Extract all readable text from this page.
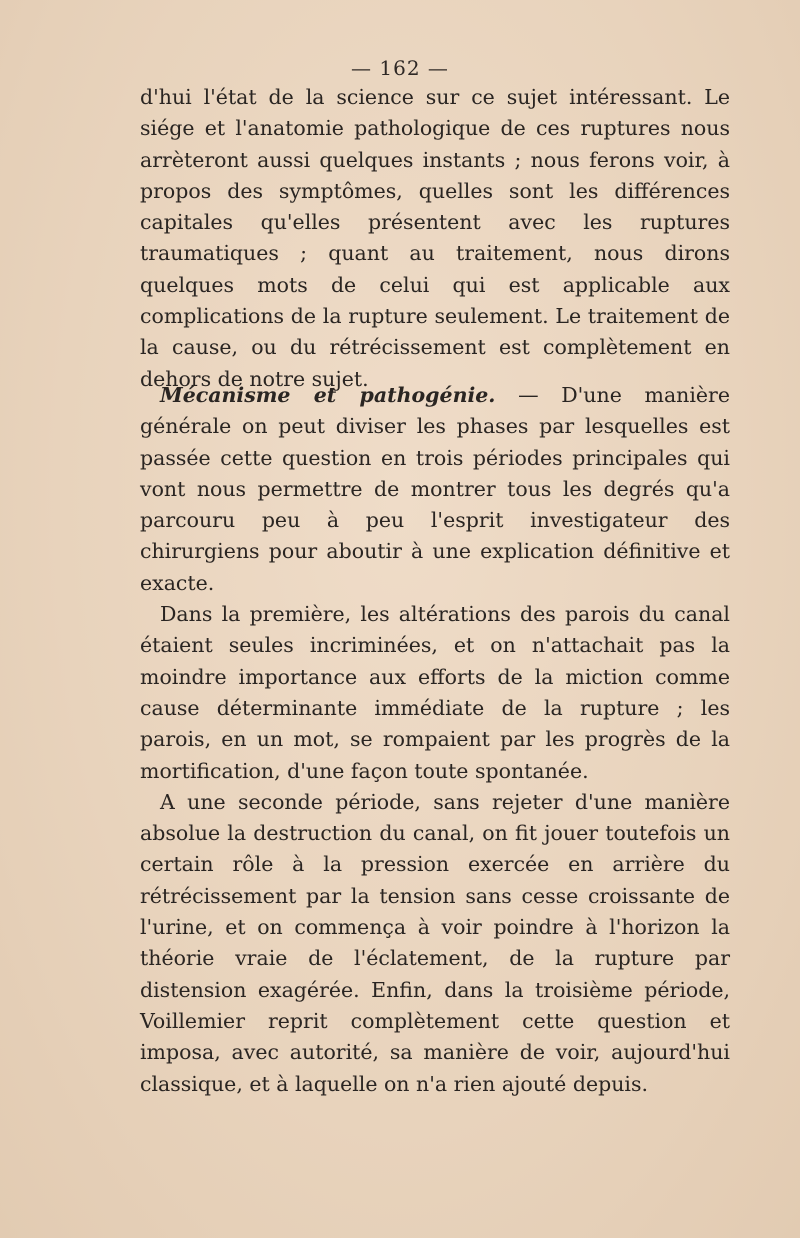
— 162 —

d'hui l'état de la science sur ce sujet intéressant. Le siége et l'anatomie pathologique de ces ruptures nous arrèteront aussi quelques instants ; nous ferons voir, à propos des symptômes, quelles sont les différences capitales qu'elles présentent avec les ruptures traumatiques ; quant au traitement, nous dirons quelques mots de celui qui est applicable aux complications de la rupture seulement. Le traitement de la cause, ou du rétrécissement est complètement en dehors de notre sujet.

Mécanisme et pathogénie. — D'une manière générale on peut diviser les phases par lesquelles est passée cette question en trois périodes principales qui vont nous permettre de montrer tous les degrés qu'a parcouru peu à peu l'esprit investigateur des chirurgiens pour aboutir à une explication définitive et exacte.

Dans la première, les altérations des parois du canal étaient seules incriminées, et on n'attachait pas la moindre importance aux efforts de la miction comme cause déterminante immédiate de la rupture ; les parois, en un mot, se rompaient par les progrès de la mortification, d'une façon toute spontanée.

A une seconde période, sans rejeter d'une manière absolue la destruction du canal, on fit jouer toutefois un certain rôle à la pression exercée en arrière du rétrécissement par la tension sans cesse croissante de l'urine, et on commença à voir poindre à l'horizon la théorie vraie de l'éclatement, de la rupture par distension exagérée. Enfin, dans la troisième période, Voillemier reprit complètement cette question et imposa, avec autorité, sa manière de voir, aujourd'hui classique, et à laquelle on n'a rien ajouté depuis.
